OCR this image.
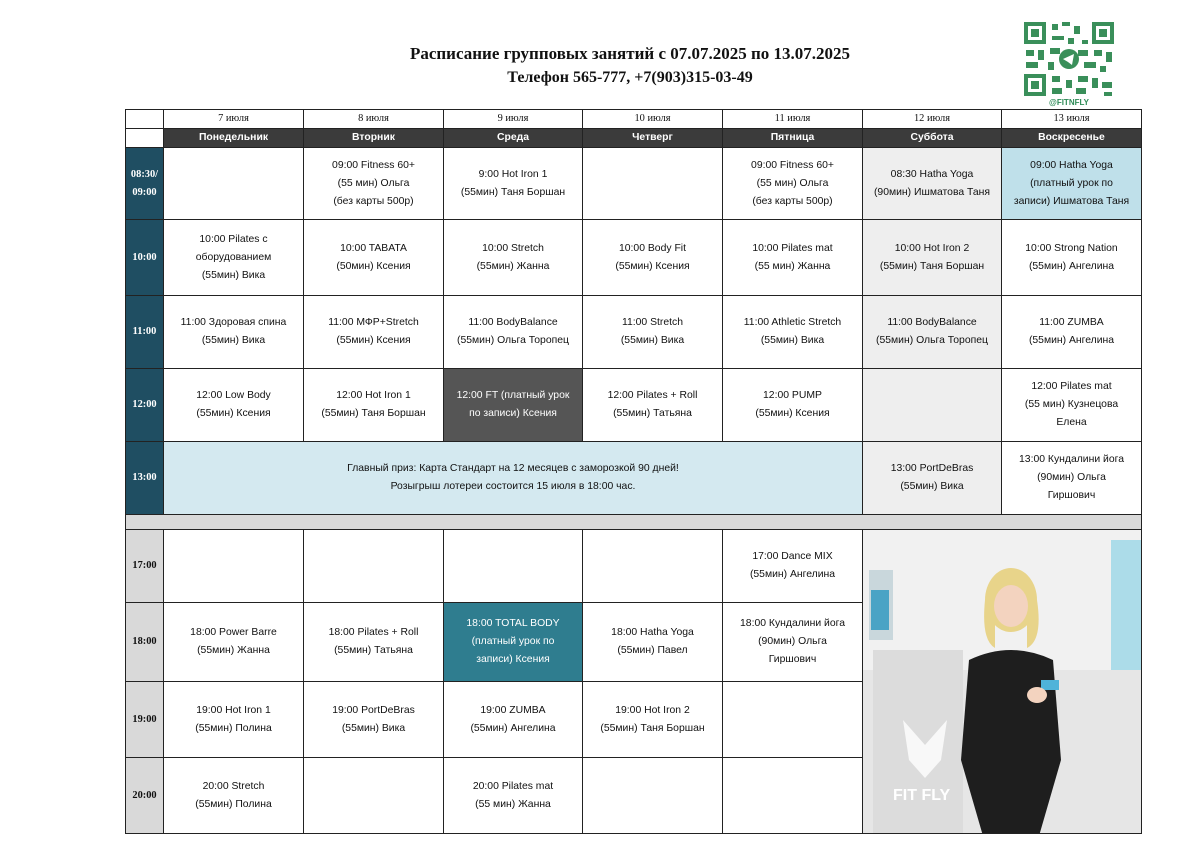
Расписание групповых занятий с 07.07.2025 по 13.07.2025
Телефон 565-777, +7(903)315-03-49
@FITNFLY
	7 июля	8 июля	9 июля	10 июля	11 июля	12 июля	13 июля
	Понедельник	Вторник	Среда	Четверг	Пятница	Суббота	Воскресенье
08:30/
09:00		09:00 Fitness 60+
(55 мин) Ольга
(без карты 500р)	9:00 Hot Iron 1
(55мин) Таня Боршан		09:00 Fitness 60+
(55 мин) Ольга
(без карты 500р)	08:30 Hatha Yoga
(90мин) Ишматова Таня	09:00 Hatha Yoga
(платный урок по
записи) Ишматова Таня

10:00	10:00 Pilates с
оборудованием
(55мин) Вика	10:00 TABATA
(50мин) Ксения	10:00 Stretch
(55мин) Жанна	10:00 Body Fit
(55мин) Ксения	10:00 Pilates mat
(55 мин) Жанна	10:00 Hot Iron 2
(55мин) Таня Боршан	10:00 Strong Nation
(55мин) Ангелина

11:00	11:00 Здоровая спина
(55мин) Вика	11:00 МФР+Stretch
(55мин) Ксения	11:00 BodyBalance
(55мин) Ольга Торопец	11:00 Stretch
(55мин) Вика	11:00 Athletic Stretch
(55мин) Вика	11:00 BodyBalance
(55мин) Ольга Торопец	11:00 ZUMBA
(55мин) Ангелина

12:00	12:00 Low Body
(55мин) Ксения	12:00 Hot Iron 1
(55мин) Таня Боршан	12:00 FT (платный урок
по записи) Ксения	12:00 Pilates + Roll
(55мин) Татьяна	12:00 PUMP
(55мин) Ксения		12:00 Pilates mat
(55 мин) Кузнецова
Елена

13:00	Главный приз: Карта Стандарт на 12 месяцев с заморозкой 90 дней!
Розыгрыш лотереи состоится 15 июля в 18:00 час.					13:00 PortDeBras
(55мин) Вика	13:00 Кундалини йога
(90мин) Ольга
Гиршович

17:00					17:00 Dance MIX
(55мин) Ангелина	FIT FLY	

18:00	18:00 Power Barre
(55мин) Жанна	18:00 Pilates + Roll
(55мин) Татьяна	18:00 TOTAL BODY
(платный урок по
записи) Ксения	18:00 Hatha Yoga
(55мин) Павел	18:00 Кундалини йога
(90мин) Ольга
Гиршович		

19:00	19:00 Hot Iron 1
(55мин) Полина	19:00 PortDeBras
(55мин) Вика	19:00 ZUMBA
(55мин) Ангелина	19:00 Hot Iron 2
(55мин) Таня Боршан			

20:00	20:00 Stretch
(55мин) Полина		20:00 Pilates mat
(55 мин) Жанна				
